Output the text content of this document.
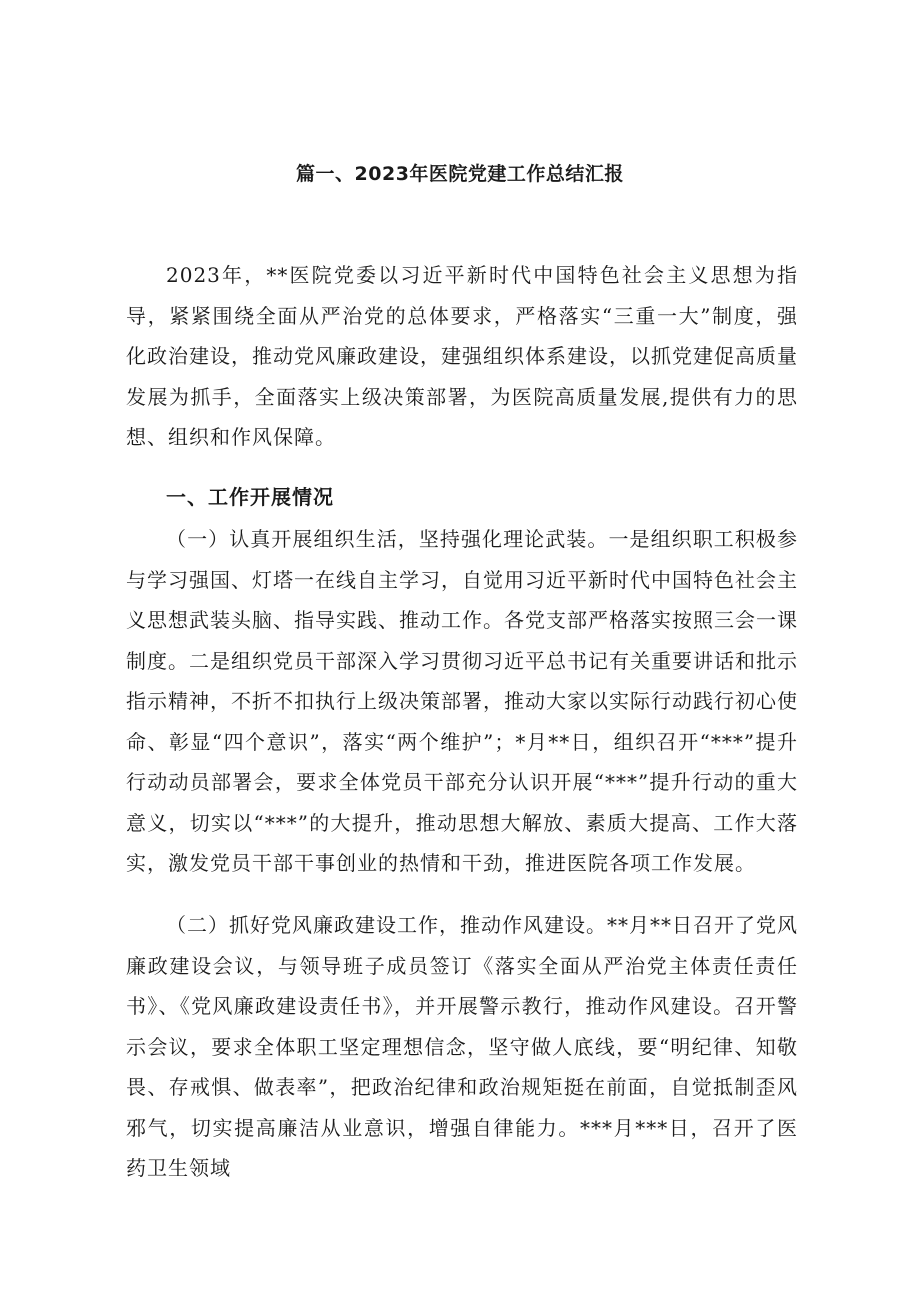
篇一、2023年医院党建工作总结汇报

2023年，**医院党委以习近平新时代中国特色社会主义思想为指导，紧紧围绕全面从严治党的总体要求，严格落实“三重一大”制度，强化政治建设，推动党风廉政建设，建强组织体系建设，以抓党建促高质量发展为抓手，全面落实上级决策部署，为医院高质量发展,提供有力的思想、组织和作风保障。

一、工作开展情况

（一）认真开展组织生活，坚持强化理论武装。一是组织职工积极参与学习强国、灯塔一在线自主学习，自觉用习近平新时代中国特色社会主义思想武装头脑、指导实践、推动工作。各党支部严格落实按照三会一课制度。二是组织党员干部深入学习贯彻习近平总书记有关重要讲话和批示指示精神，不折不扣执行上级决策部署，推动大家以实际行动践行初心使命、彰显“四个意识”，落实“两个维护”；*月**日，组织召开“***”提升行动动员部署会，要求全体党员干部充分认识开展“***”提升行动的重大意义，切实以“***”的大提升，推动思想大解放、素质大提高、工作大落实，激发党员干部干事创业的热情和干劲，推进医院各项工作发展。

（二）抓好党风廉政建设工作，推动作风建设。**月**日召开了党风廉政建设会议，与领导班子成员签订《落实全面从严治党主体责任责任书》、《党风廉政建设责任书》，并开展警示教行，推动作风建设。召开警示会议，要求全体职工坚定理想信念，坚守做人底线，要“明纪律、知敬畏、存戒惧、做表率”，把政治纪律和政治规矩挺在前面，自觉抵制歪风邪气，切实提高廉洁从业意识，增强自律能力。***月***日，召开了医药卫生领域
